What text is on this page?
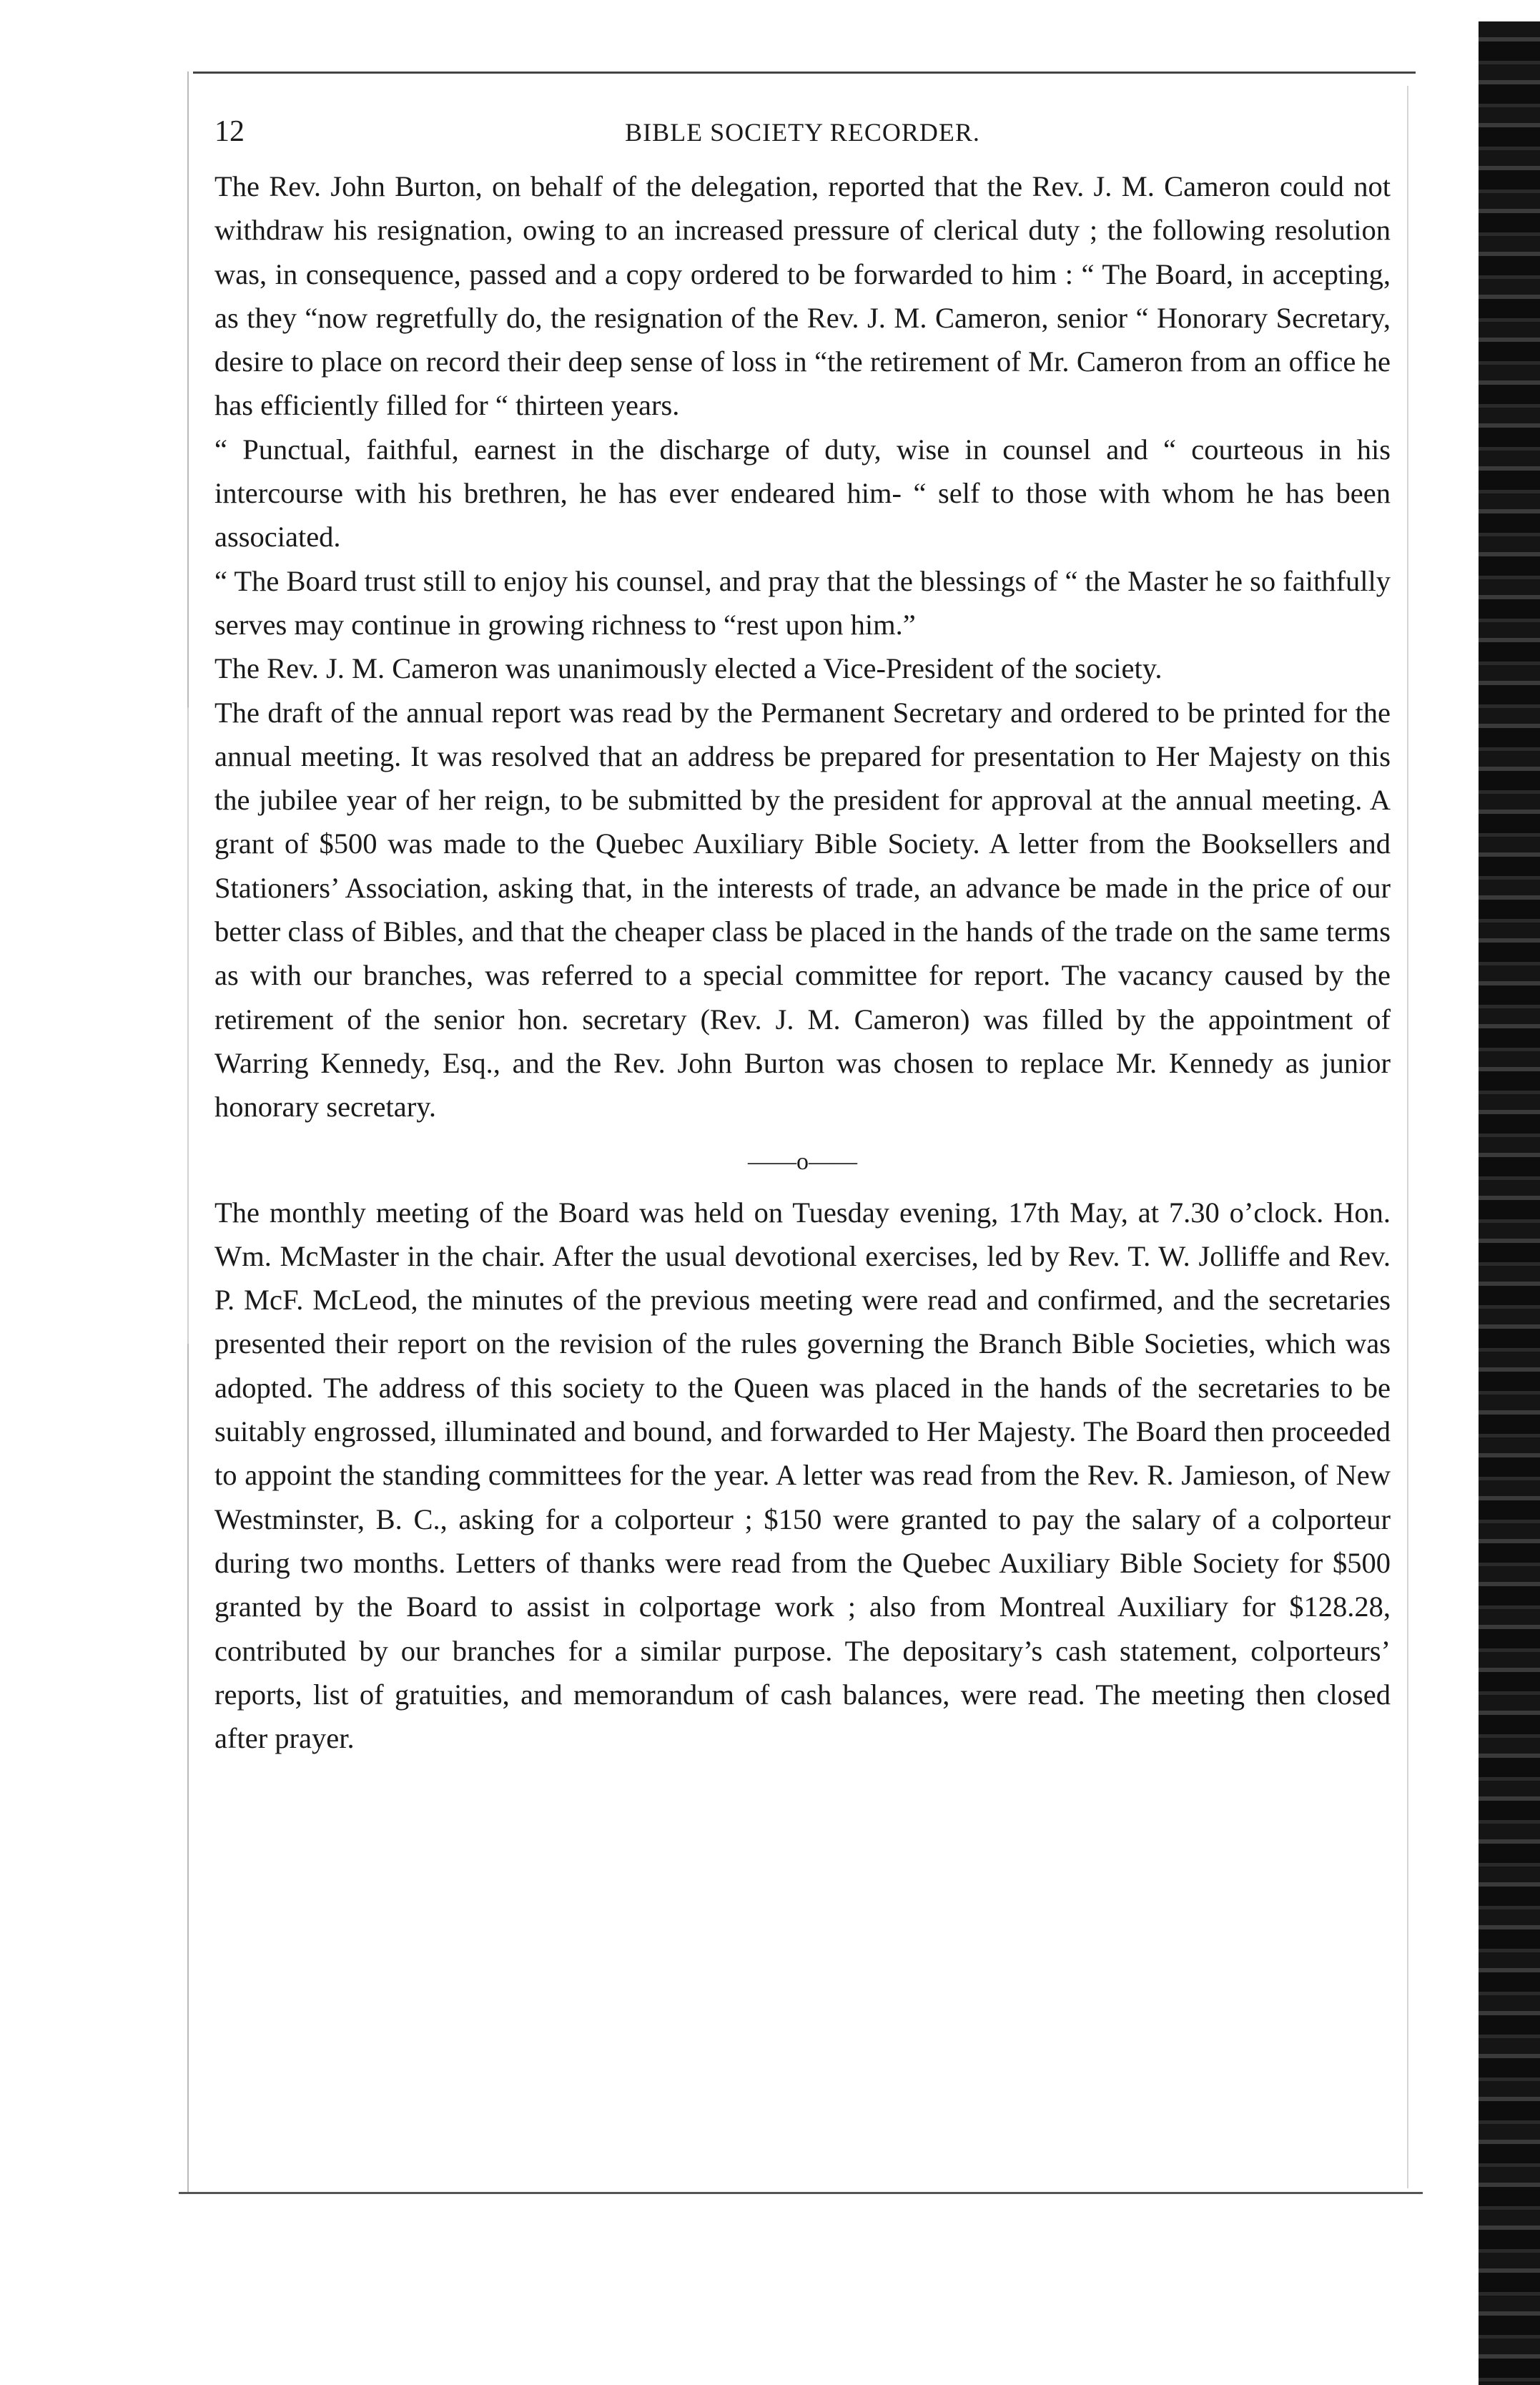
12	BIBLE SOCIETY RECORDER.

The Rev. John Burton, on behalf of the delegation, reported that the Rev. J. M. Cameron could not withdraw his resignation, owing to an increased pressure of clerical duty ; the following resolution was, in consequence, passed and a copy ordered to be forwarded to him : “ The Board, in accepting, as they “now regretfully do, the resignation of the Rev. J. M. Cameron, senior “ Honorary Secretary, desire to place on record their deep sense of loss in “the retirement of Mr. Cameron from an office he has efficiently filled for “ thirteen years.

“ Punctual, faithful, earnest in the discharge of duty, wise in counsel and “ courteous in his intercourse with his brethren, he has ever endeared him- “ self to those with whom he has been associated.

“ The Board trust still to enjoy his counsel, and pray that the blessings of “ the Master he so faithfully serves may continue in growing richness to “rest upon him.”

The Rev. J. M. Cameron was unanimously elected a Vice-President of the society.

The draft of the annual report was read by the Permanent Secretary and ordered to be printed for the annual meeting. It was resolved that an address be prepared for presentation to Her Majesty on this the jubilee year of her reign, to be submitted by the president for approval at the annual meeting. A grant of $500 was made to the Quebec Auxiliary Bible Society. A letter from the Booksellers and Stationers’ Association, asking that, in the interests of trade, an advance be made in the price of our better class of Bibles, and that the cheaper class be placed in the hands of the trade on the same terms as with our branches, was referred to a special committee for report. The vacancy caused by the retirement of the senior hon. secretary (Rev. J. M. Cameron) was filled by the appointment of Warring Kennedy, Esq., and the Rev. John Burton was chosen to replace Mr. Kennedy as junior honorary secretary.

——o——

The monthly meeting of the Board was held on Tuesday evening, 17th May, at 7.30 o’clock. Hon. Wm. McMaster in the chair. After the usual devotional exercises, led by Rev. T. W. Jolliffe and Rev. P. McF. McLeod, the minutes of the previous meeting were read and confirmed, and the secretaries presented their report on the revision of the rules governing the Branch Bible Societies, which was adopted. The address of this society to the Queen was placed in the hands of the secretaries to be suitably engrossed, illuminated and bound, and forwarded to Her Majesty. The Board then proceeded to appoint the standing committees for the year. A letter was read from the Rev. R. Jamieson, of New Westminster, B. C., asking for a colporteur ; $150 were granted to pay the salary of a colporteur during two months. Letters of thanks were read from the Quebec Auxiliary Bible Society for $500 granted by the Board to assist in colportage work ; also from Montreal Auxiliary for $128.28, contributed by our branches for a similar purpose. The depositary’s cash statement, colporteurs’ reports, list of gratuities, and memorandum of cash balances, were read. The meeting then closed after prayer.
